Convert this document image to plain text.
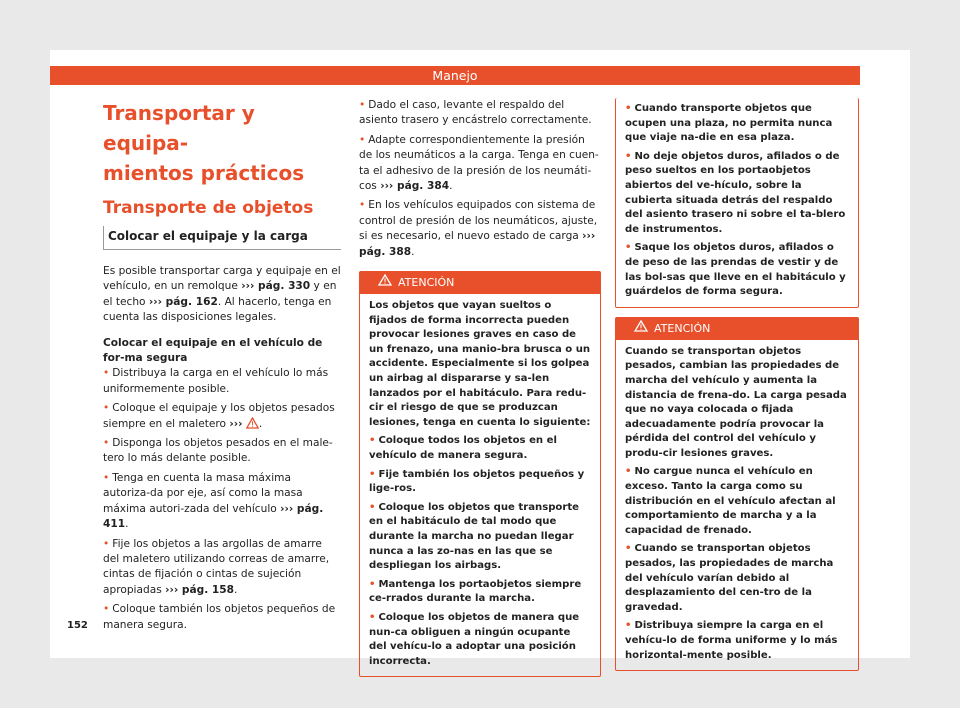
Manejo
Transportar y equipa-
mientos prácticos
Transporte de objetos
Colocar el equipaje y la carga

Es posible transportar carga y equipaje en el vehículo, en un remolque ››› pág. 330 y en el techo ››› pág. 162. Al hacerlo, tenga en cuenta las disposiciones legales.

Colocar el equipaje en el vehículo de for-ma segura

• Distribuya la carga en el vehículo lo más uniformemente posible.

• Coloque el equipaje y los objetos pesados siempre en el maletero ››› .

• Disponga los objetos pesados en el male-tero lo más delante posible.

• Tenga en cuenta la masa máxima autoriza-da por eje, así como la masa máxima autori-zada del vehículo ››› pág. 411.

• Fije los objetos a las argollas de amarre del maletero utilizando correas de amarre, cintas de fijación o cintas de sujeción apropiadas ››› pág. 158.

• Coloque también los objetos pequeños de manera segura.

• Dado el caso, levante el respaldo del asiento trasero y encástrelo correctamente.

• Adapte correspondientemente la presión de los neumáticos a la carga. Tenga en cuen-ta el adhesivo de la presión de los neumáti-cos ››› pág. 384.

• En los vehículos equipados con sistema de control de presión de los neumáticos, ajuste, si es necesario, el nuevo estado de carga ››› pág. 388.

ATENCIÓN

Los objetos que vayan sueltos o fijados de forma incorrecta pueden provocar lesiones graves en caso de un frenazo, una manio-bra brusca o un accidente. Especialmente si los golpea un airbag al dispararse y sa-len lanzados por el habitáculo. Para redu-cir el riesgo de que se produzcan lesiones, tenga en cuenta lo siguiente:

• Coloque todos los objetos en el vehículo de manera segura.

• Fije también los objetos pequeños y lige-ros.

• Coloque los objetos que transporte en el habitáculo de tal modo que durante la marcha no puedan llegar nunca a las zo-nas en las que se despliegan los airbags.

• Mantenga los portaobjetos siempre ce-rrados durante la marcha.

• Coloque los objetos de manera que nun-ca obliguen a ningún ocupante del vehícu-lo a adoptar una posición incorrecta.

• Cuando transporte objetos que ocupen una plaza, no permita nunca que viaje na-die en esa plaza.

• No deje objetos duros, afilados o de peso sueltos en los portaobjetos abiertos del ve-hículo, sobre la cubierta situada detrás del respaldo del asiento trasero ni sobre el ta-blero de instrumentos.

• Saque los objetos duros, afilados o de peso de las prendas de vestir y de las bol-sas que lleve en el habitáculo y guárdelos de forma segura.

ATENCIÓN

Cuando se transportan objetos pesados, cambian las propiedades de marcha del vehículo y aumenta la distancia de frena-do. La carga pesada que no vaya colocada o fijada adecuadamente podría provocar la pérdida del control del vehículo y produ-cir lesiones graves.

• No cargue nunca el vehículo en exceso. Tanto la carga como su distribución en el vehículo afectan al comportamiento de marcha y a la capacidad de frenado.

• Cuando se transportan objetos pesados, las propiedades de marcha del vehículo varían debido al desplazamiento del cen-tro de la gravedad.

• Distribuya siempre la carga en el vehícu-lo de forma uniforme y lo más horizontal-mente posible.

152
